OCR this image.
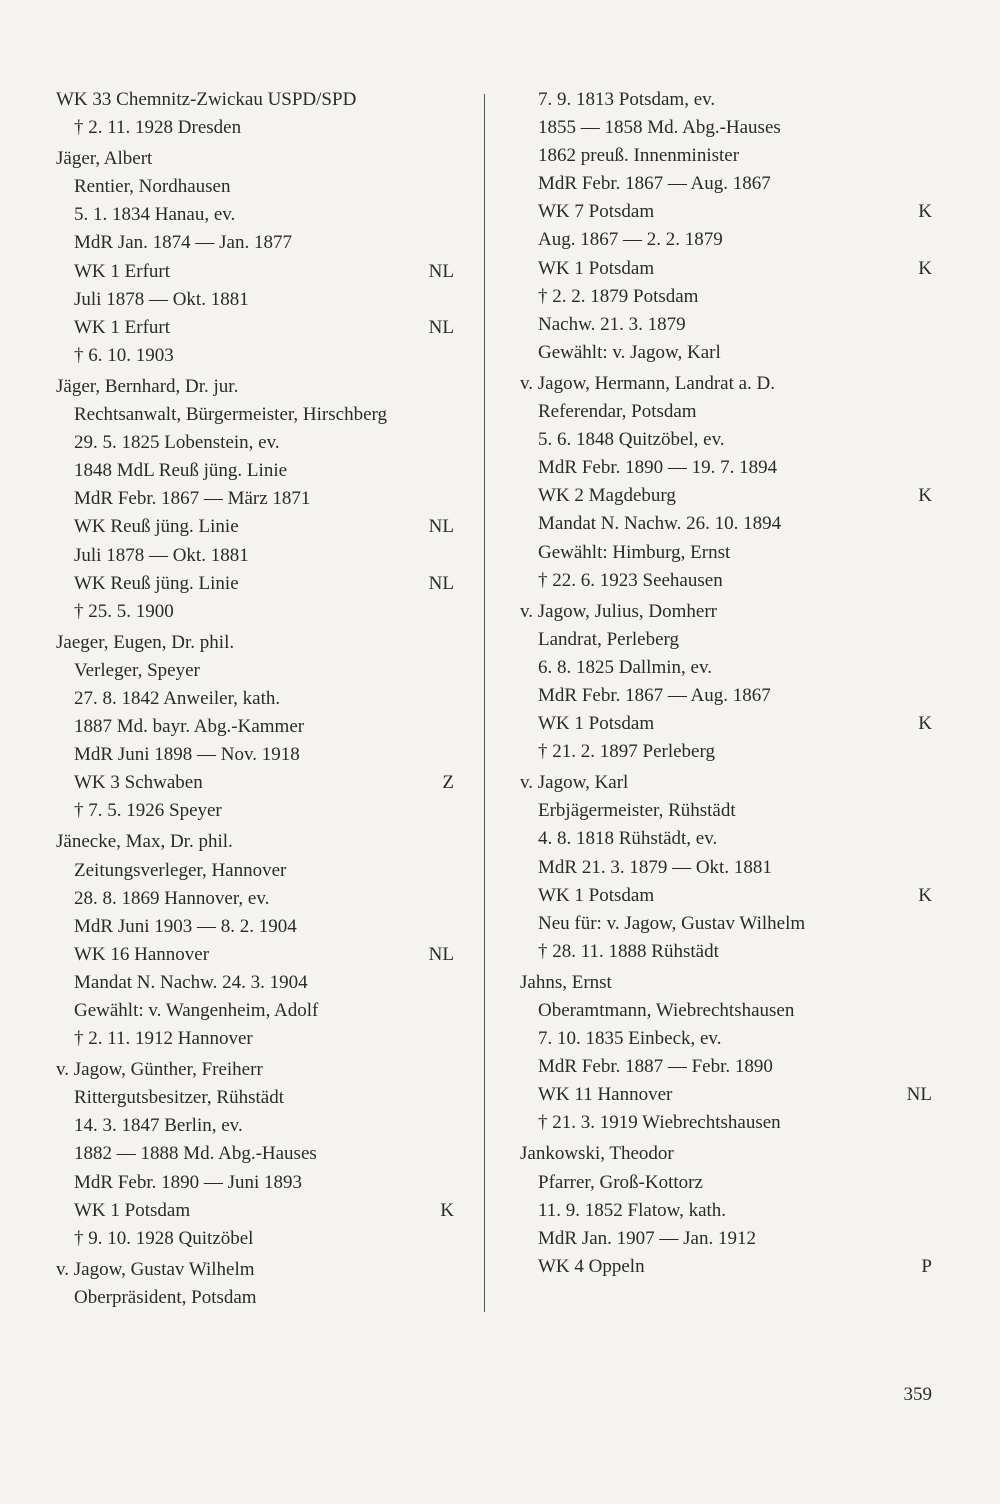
WK 33 Chemnitz-Zwickau USPD/SPD
† 2. 11. 1928 Dresden
Jäger, Albert
Rentier, Nordhausen
5. 1. 1834 Hanau, ev.
MdR Jan. 1874 — Jan. 1877
WK 1 Erfurt	NL
Juli 1878 — Okt. 1881
WK 1 Erfurt	NL
† 6. 10. 1903
Jäger, Bernhard, Dr. jur.
Rechtsanwalt, Bürgermeister, Hirschberg
29. 5. 1825 Lobenstein, ev.
1848 MdL Reuß jüng. Linie
MdR Febr. 1867 — März 1871
WK Reuß jüng. Linie	NL
Juli 1878 — Okt. 1881
WK Reuß jüng. Linie	NL
† 25. 5. 1900
Jaeger, Eugen, Dr. phil.
Verleger, Speyer
27. 8. 1842 Anweiler, kath.
1887 Md. bayr. Abg.-Kammer
MdR Juni 1898 — Nov. 1918
WK 3 Schwaben	Z
† 7. 5. 1926 Speyer
Jänecke, Max, Dr. phil.
Zeitungsverleger, Hannover
28. 8. 1869 Hannover, ev.
MdR Juni 1903 — 8. 2. 1904
WK 16 Hannover	NL
Mandat N. Nachw. 24. 3. 1904
Gewählt: v. Wangenheim, Adolf
† 2. 11. 1912 Hannover
v. Jagow, Günther, Freiherr
Rittergutsbesitzer, Rühstädt
14. 3. 1847 Berlin, ev.
1882 — 1888 Md. Abg.-Hauses
MdR Febr. 1890 — Juni 1893
WK 1 Potsdam	K
† 9. 10. 1928 Quitzöbel
v. Jagow, Gustav Wilhelm
Oberpräsident, Potsdam
7. 9. 1813 Potsdam, ev.
1855 — 1858 Md. Abg.-Hauses
1862 preuß. Innenminister
MdR Febr. 1867 — Aug. 1867
WK 7 Potsdam	K
Aug. 1867 — 2. 2. 1879
WK 1 Potsdam	K
† 2. 2. 1879 Potsdam
Nachw. 21. 3. 1879
Gewählt: v. Jagow, Karl
v. Jagow, Hermann, Landrat a. D.
Referendar, Potsdam
5. 6. 1848 Quitzöbel, ev.
MdR Febr. 1890 — 19. 7. 1894
WK 2 Magdeburg	K
Mandat N. Nachw. 26. 10. 1894
Gewählt: Himburg, Ernst
† 22. 6. 1923 Seehausen
v. Jagow, Julius, Domherr
Landrat, Perleberg
6. 8. 1825 Dallmin, ev.
MdR Febr. 1867 — Aug. 1867
WK 1 Potsdam	K
† 21. 2. 1897 Perleberg
v. Jagow, Karl
Erbjägermeister, Rühstädt
4. 8. 1818 Rühstädt, ev.
MdR 21. 3. 1879 — Okt. 1881
WK 1 Potsdam	K
Neu für: v. Jagow, Gustav Wilhelm
† 28. 11. 1888 Rühstädt
Jahns, Ernst
Oberamtmann, Wiebrechtshausen
7. 10. 1835 Einbeck, ev.
MdR Febr. 1887 — Febr. 1890
WK 11 Hannover	NL
† 21. 3. 1919 Wiebrechtshausen
Jankowski, Theodor
Pfarrer, Groß-Kottorz
11. 9. 1852 Flatow, kath.
MdR Jan. 1907 — Jan. 1912
WK 4 Oppeln	P
359
